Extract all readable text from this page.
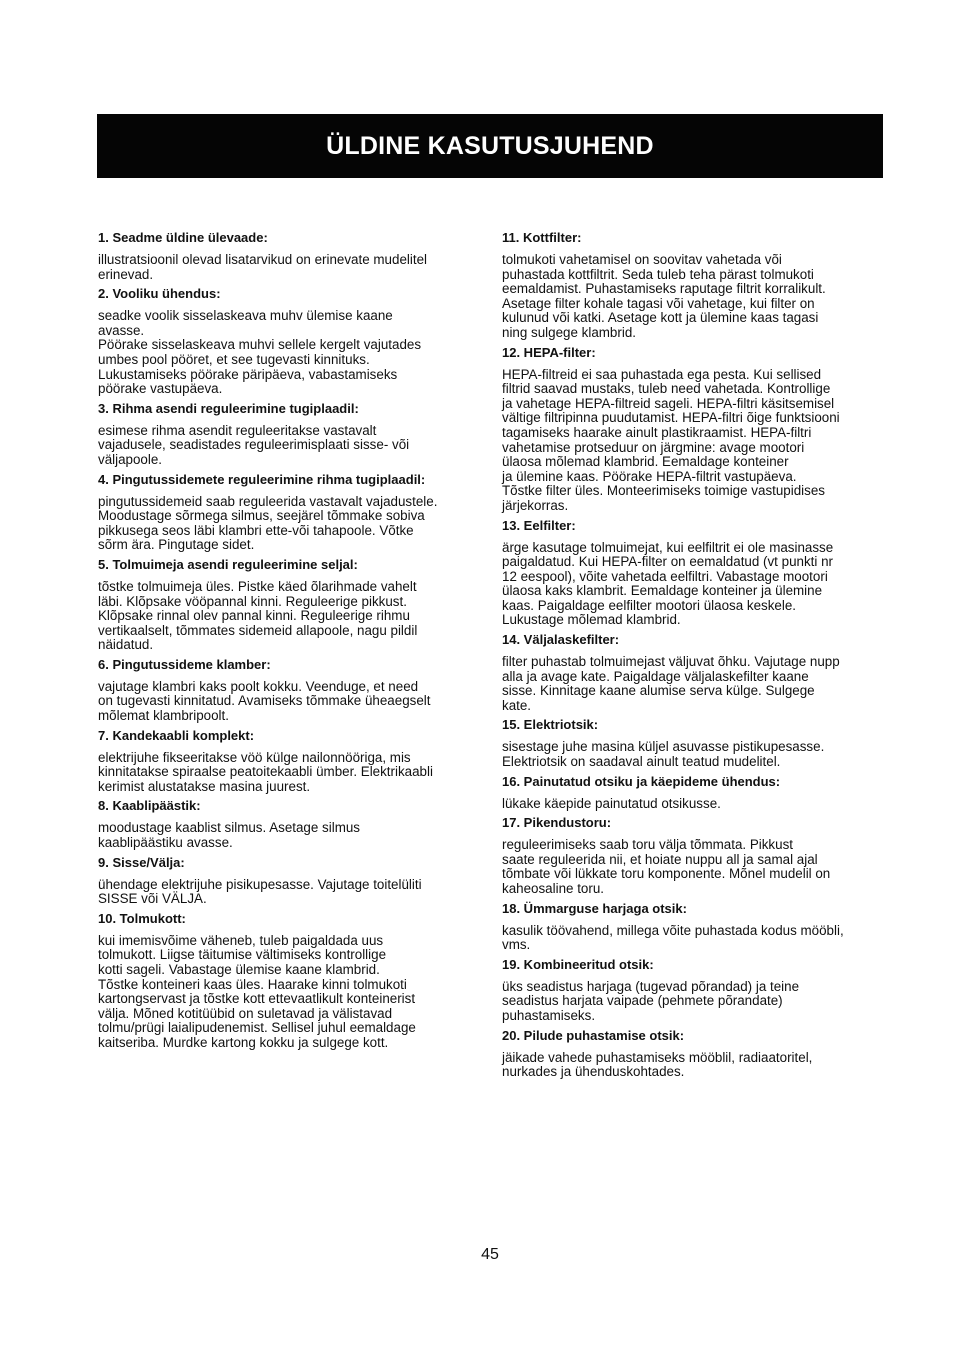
ÜLDINE KASUTUSJUHEND
1. Seadme üldine ülevaade:

illustratsioonil olevad lisatarvikud on erinevate mudelitel
erinevad.

2. Vooliku ühendus:

seadke voolik sisselaskeava muhv ülemise kaane
avasse.
Pöörake sisselaskeava muhvi sellele kergelt vajutades
umbes pool pööret, et see tugevasti kinnituks.
Lukustamiseks pöörake päripäeva, vabastamiseks
pöörake vastupäeva.

3. Rihma asendi reguleerimine tugiplaadil:

esimese rihma asendit reguleeritakse vastavalt
vajadusele, seadistades reguleerimisplaati sisse- või
väljapoole.

4. Pingutussidemete reguleerimine rihma tugiplaadil:

pingutussidemeid saab reguleerida vastavalt vajadustele.
Moodustage sõrmega silmus, seejärel tõmmake sobiva
pikkusega seos läbi klambri ette-või tahapoole. Võtke
sõrm ära. Pingutage sidet.

5. Tolmuimeja asendi reguleerimine seljal:

tõstke tolmuimeja üles. Pistke käed õlarihmade vahelt
läbi. Klõpsake vööpannal kinni. Reguleerige pikkust.
Klõpsake rinnal olev pannal kinni. Reguleerige rihmu
vertikaalselt, tõmmates sidemeid allapoole, nagu pildil
näidatud.

6. Pingutussideme klamber:

vajutage klambri kaks poolt kokku. Veenduge, et need
on tugevasti kinnitatud. Avamiseks tõmmake üheaegselt
mõlemat klambripoolt.

7. Kandekaabli komplekt:

elektrijuhe fikseeritakse vöö külge nailonnööriga, mis
kinnitatakse spiraalse peatoitekaabli ümber. Elektrikaabli
kerimist alustatakse masina juurest.

8. Kaablipäästik:

moodustage kaablist silmus. Asetage silmus
kaablipäästiku avasse.

9. Sisse/Välja:

ühendage elektrijuhe pisikupesasse. Vajutage toitelüliti
SISSE või VÄLJA.

10. Tolmukott:

kui imemisvõime väheneb, tuleb paigaldada uus
tolmukott. Liigse täitumise vältimiseks kontrollige
kotti sageli. Vabastage ülemise kaane klambrid.
Tõstke konteineri kaas üles. Haarake kinni tolmukoti
kartongservast ja tõstke kott ettevaatlikult konteinerist
välja. Mõned kotitüübid on suletavad ja välistavad
tolmu/prügi laialipudenemist. Sellisel juhul eemaldage
kaitseriba. Murdke kartong kokku ja sulgege kott.

11. Kottfilter:

tolmukoti vahetamisel on soovitav vahetada või
puhastada kottfiltrit. Seda tuleb teha pärast tolmukoti
eemaldamist. Puhastamiseks raputage filtrit korralikult.
Asetage filter kohale tagasi või vahetage, kui filter on
kulunud või katki. Asetage kott ja ülemine kaas tagasi
ning sulgege klambrid.

12. HEPA-filter:

HEPA-filtreid ei saa puhastada ega pesta. Kui sellised
filtrid saavad mustaks, tuleb need vahetada. Kontrollige
ja vahetage HEPA-filtreid sageli. HEPA-filtri käsitsemisel
vältige filtripinna puudutamist. HEPA-filtri õige funktsiooni
tagamiseks haarake ainult plastikraamist. HEPA-filtri
vahetamise protseduur on järgmine: avage mootori
ülaosa mõlemad klambrid. Eemaldage konteiner
ja ülemine kaas. Pöörake HEPA-filtrit vastupäeva.
Tõstke filter üles. Monteerimiseks toimige vastupidises
järjekorras.

13. Eelfilter:

ärge kasutage tolmuimejat, kui eelfiltrit ei ole masinasse
paigaldatud. Kui HEPA-filter on eemaldatud (vt punkti nr
12 eespool), võite vahetada eelfiltri. Vabastage mootori
ülaosa kaks klambrit. Eemaldage konteiner ja ülemine
kaas. Paigaldage eelfilter mootori ülaosa keskele.
Lukustage mõlemad klambrid.

14. Väljalaskefilter:

filter puhastab tolmuimejast väljuvat õhku. Vajutage nupp
alla ja avage kate. Paigaldage väljalaskefilter kaane
sisse. Kinnitage kaane alumise serva külge. Sulgege
kate.

15. Elektriotsik:

sisestage juhe masina küljel asuvasse pistikupesasse.
Elektriotsik on saadaval ainult teatud mudelitel.

16. Painutatud otsiku ja käepideme ühendus:

lükake käepide painutatud otsikusse.

17. Pikendustoru:

reguleerimiseks saab toru välja tõmmata. Pikkust
saate reguleerida nii, et hoiate nuppu all ja samal ajal
tõmbate või lükkate toru komponente. Mõnel mudelil on
kaheosaline toru.

18. Ümmarguse harjaga otsik:

kasulik töövahend, millega võite puhastada kodus mööbli,
vms.

19. Kombineeritud otsik:

üks seadistus harjaga (tugevad põrandad) ja teine
seadistus harjata vaipade (pehmete põrandate)
puhastamiseks.

20. Pilude puhastamise otsik:

jäikade vahede puhastamiseks mööblil, radiaatoritel,
nurkades ja ühenduskohtades.

45
